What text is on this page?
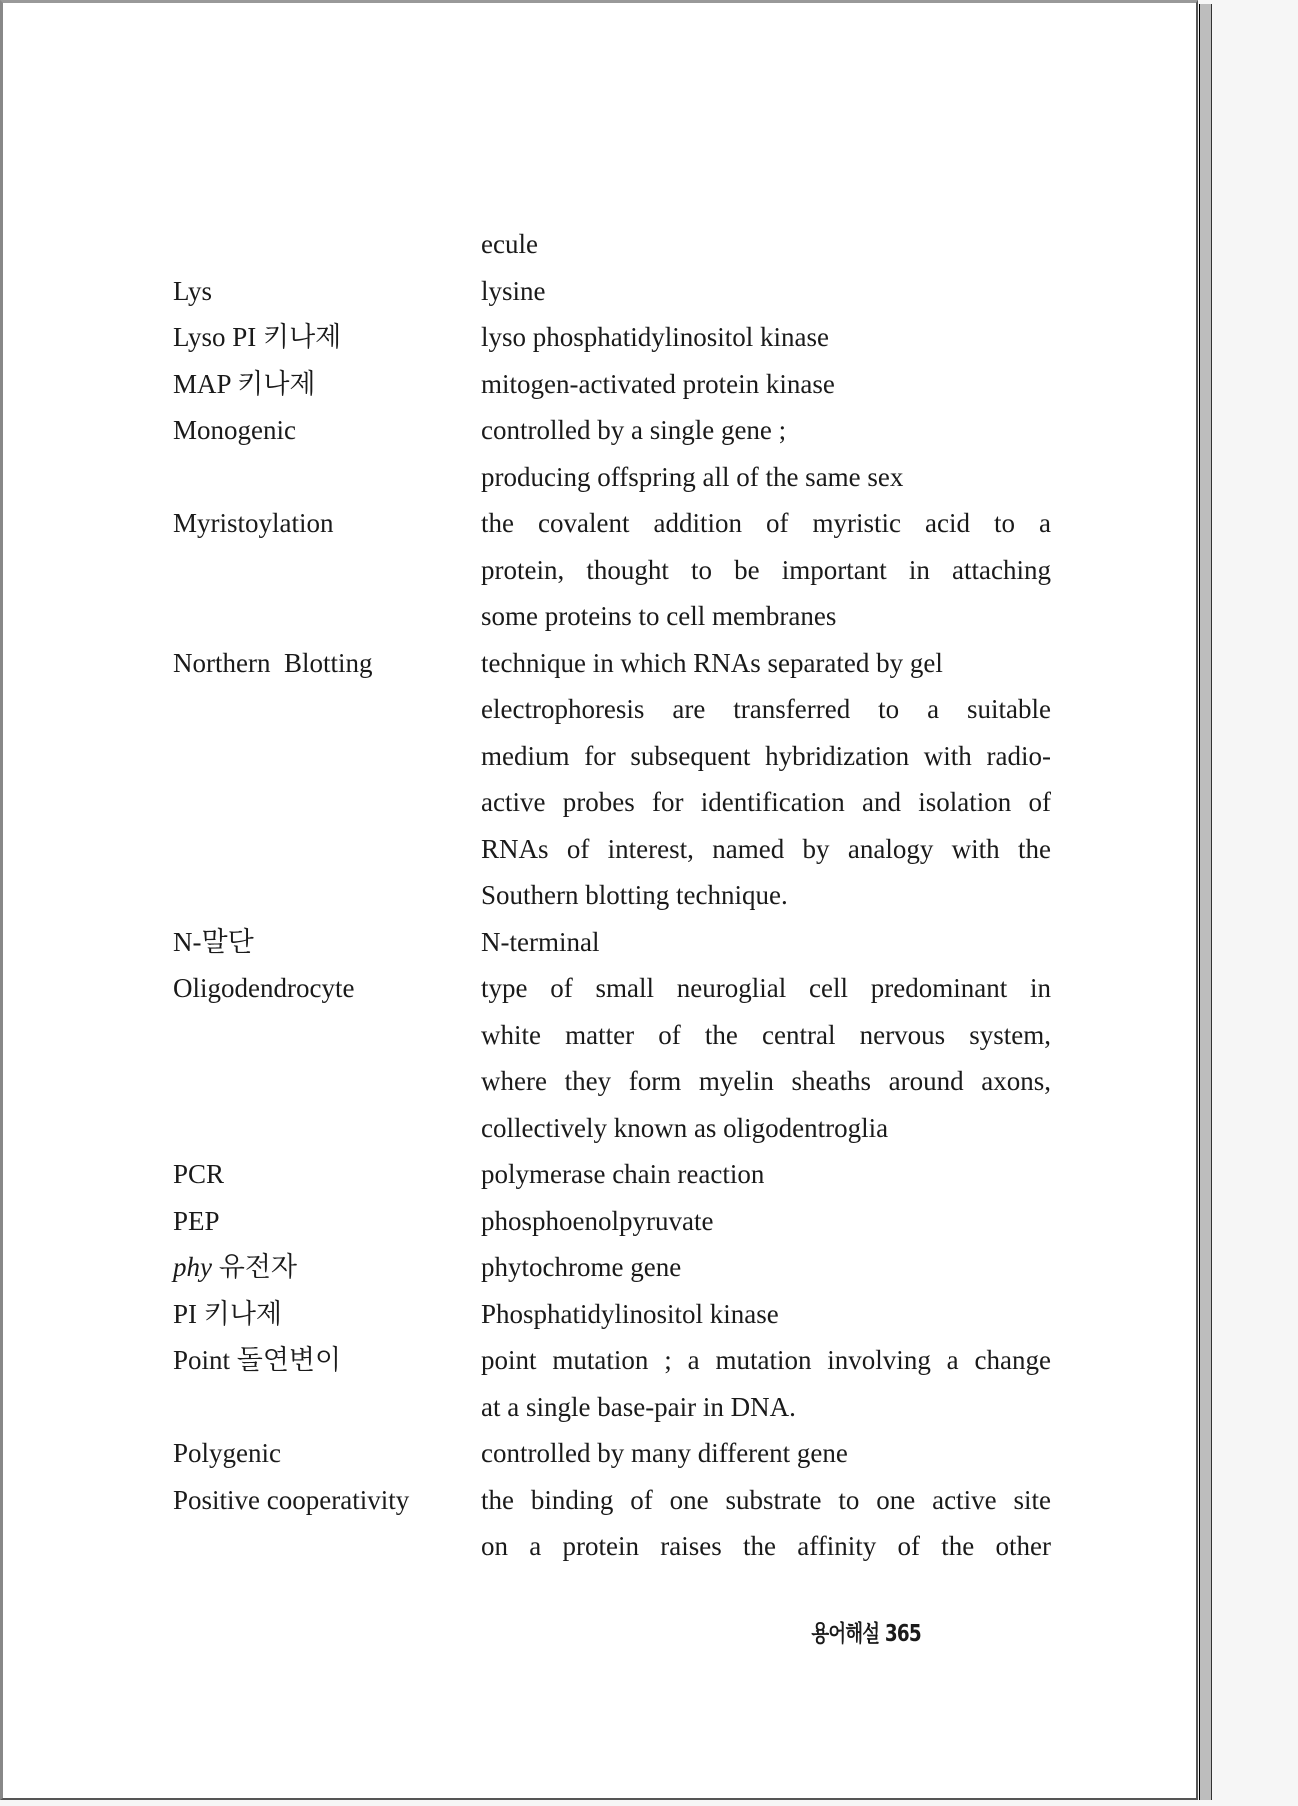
ecule
Lys	lysine
Lyso PI 키나제	lyso phosphatidylinositol kinase
MAP 키나제	mitogen-activated protein kinase
Monogenic	controlled by a single gene ;
producing offspring all of the same sex
Myristoylation	the covalent addition of myristic acid to a
protein, thought to be important in attaching
some proteins to cell membranes
Northern  Blotting	technique in which RNAs separated by gel
electrophoresis are transferred to a suitable
medium for subsequent hybridization with radio-
active probes for identification and isolation of
RNAs of interest, named by analogy with the
Southern blotting technique.
N-말단	N-terminal
Oligodendrocyte	type of small neuroglial cell predominant in
white matter of the central nervous system,
where they form myelin sheaths around axons,
collectively known as oligodentroglia
PCR	polymerase chain reaction
PEP	phosphoenolpyruvate
phy 유전자	phytochrome gene
PI 키나제	Phosphatidylinositol kinase
Point 돌연변이	point mutation ; a mutation involving a change
at a single base-pair in DNA.
Polygenic	controlled by many different gene
Positive cooperativity	the binding of one substrate to one active site
on a protein raises the affinity of the other
용어해설 365
